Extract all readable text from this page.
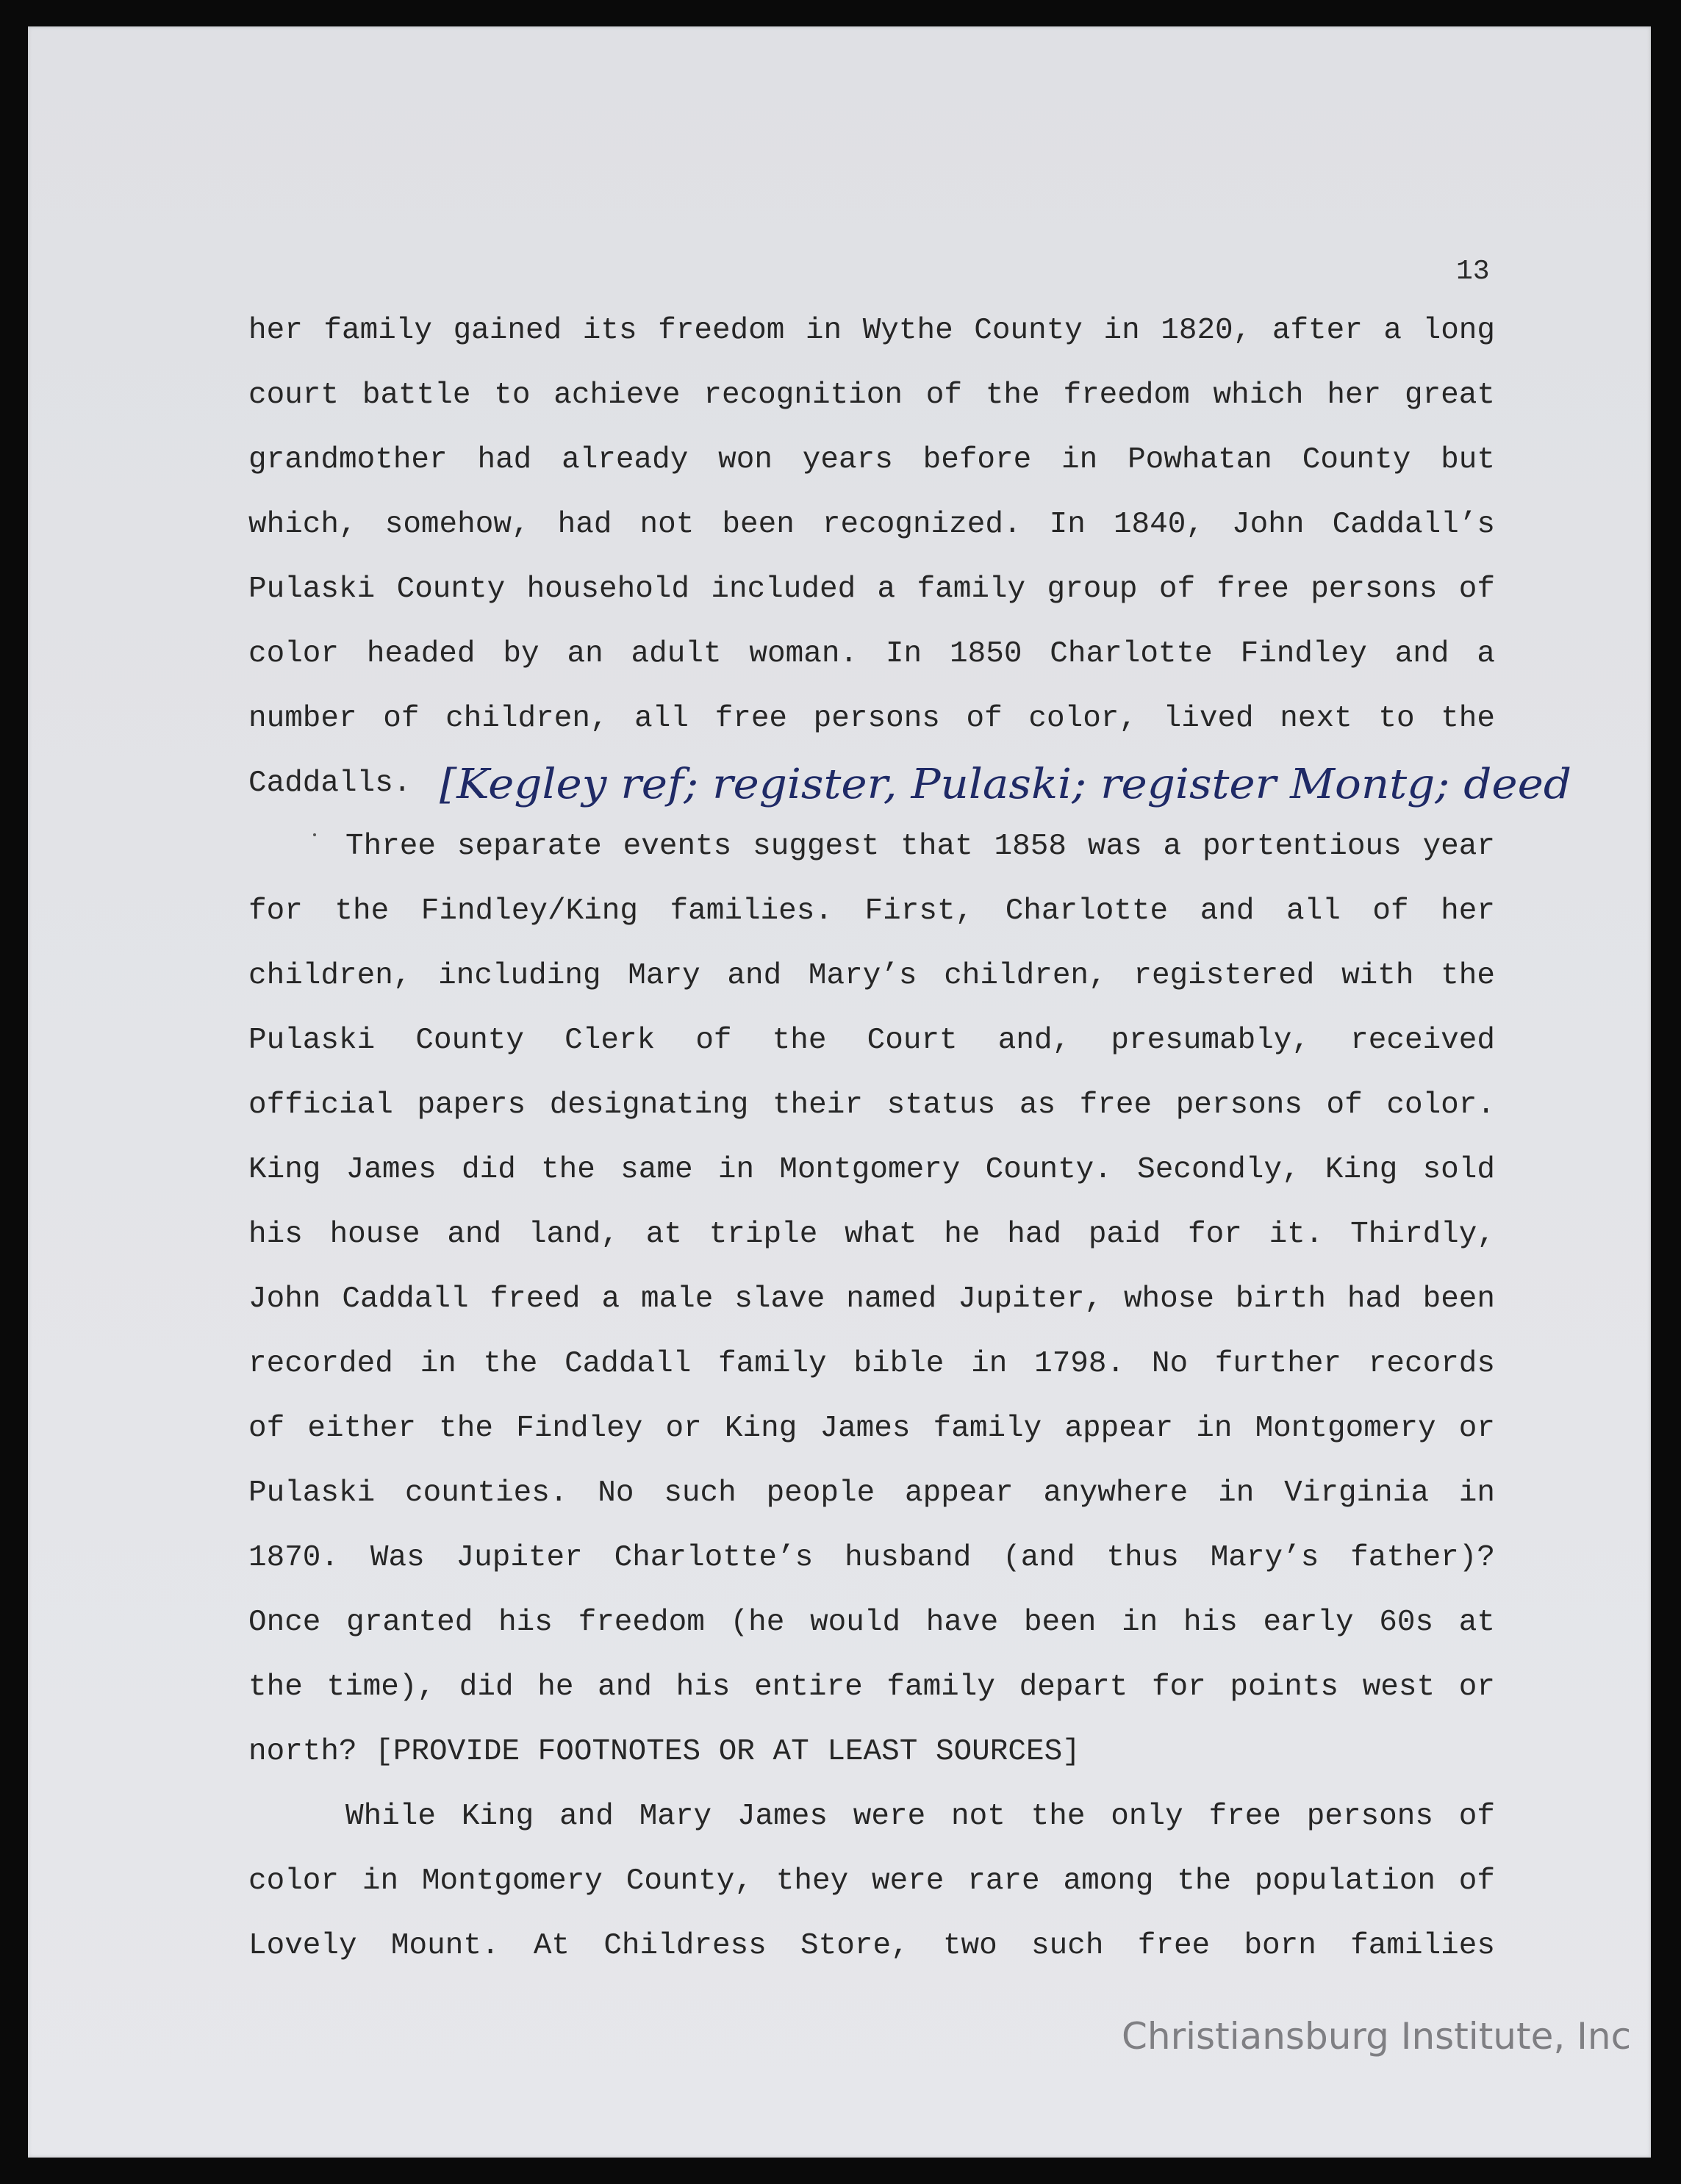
13
her family gained its freedom in Wythe County in 1820, after a long
court battle to achieve recognition of the freedom which her great
grandmother had already won years before in Powhatan County but
which, somehow, had not been recognized. In 1840, John Caddall’s
Pulaski County household included a family group of free persons of
color headed by an adult woman. In 1850 Charlotte Findley and a
number of children, all free persons of color, lived next to the
Caddalls. [Kegley ref; register, Pulaski; register Montg; deed
Three separate events suggest that 1858 was a portentious year
for the Findley/King families. First, Charlotte and all of her
children, including Mary and Mary’s children, registered with the
Pulaski County Clerk of the Court and, presumably, received
official papers designating their status as free persons of color.
King James did the same in Montgomery County. Secondly, King sold
his house and land, at triple what he had paid for it. Thirdly,
John Caddall freed a male slave named Jupiter, whose birth had been
recorded in the Caddall family bible in 1798. No further records
of either the Findley or King James family appear in Montgomery or
Pulaski counties. No such people appear anywhere in Virginia in
1870. Was Jupiter Charlotte’s husband (and thus Mary’s father)?
Once granted his freedom (he would have been in his early 60s at
the time), did he and his entire family depart for points west or
north? [PROVIDE FOOTNOTES OR AT LEAST SOURCES]
While King and Mary James were not the only free persons of
color in Montgomery County, they were rare among the population of
Lovely Mount. At Childress Store, two such free born families
Christiansburg Institute, Inc
